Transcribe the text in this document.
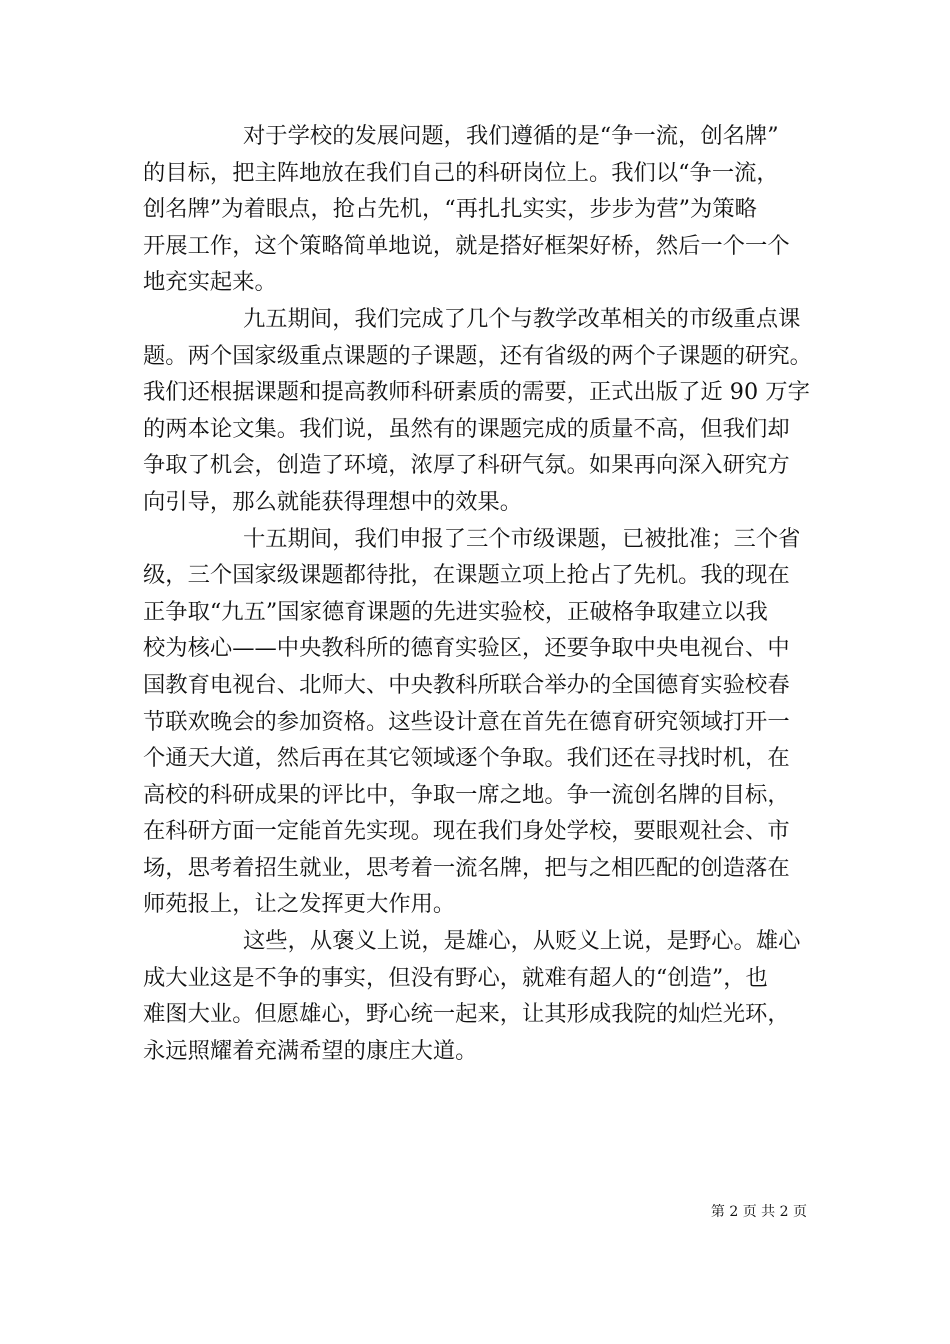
对于学校的发展问题，我们遵循的是“争一流，创名牌”
的目标，把主阵地放在我们自己的科研岗位上。我们以“争一流，
创名牌”为着眼点，抢占先机，“再扎扎实实，步步为营”为策略
开展工作，这个策略简单地说，就是搭好框架好桥，然后一个一个
地充实起来。
九五期间，我们完成了几个与教学改革相关的市级重点课
题。两个国家级重点课题的子课题，还有省级的两个子课题的研究。
我们还根据课题和提高教师科研素质的需要，正式出版了近 90 万字
的两本论文集。我们说，虽然有的课题完成的质量不高，但我们却
争取了机会，创造了环境，浓厚了科研气氛。如果再向深入研究方
向引导，那么就能获得理想中的效果。
十五期间，我们申报了三个市级课题，已被批准；三个省
级，三个国家级课题都待批，在课题立项上抢占了先机。我的现在
正争取“九五”国家德育课题的先进实验校，正破格争取建立以我
校为核心——中央教科所的德育实验区，还要争取中央电视台、中
国教育电视台、北师大、中央教科所联合举办的全国德育实验校春
节联欢晚会的参加资格。这些设计意在首先在德育研究领域打开一
个通天大道，然后再在其它领域逐个争取。我们还在寻找时机，在
高校的科研成果的评比中，争取一席之地。争一流创名牌的目标，
在科研方面一定能首先实现。现在我们身处学校，要眼观社会、市
场，思考着招生就业，思考着一流名牌，把与之相匹配的创造落在
师苑报上，让之发挥更大作用。
这些，从褒义上说，是雄心，从贬义上说，是野心。雄心
成大业这是不争的事实，但没有野心，就难有超人的“创造”，也
难图大业。但愿雄心，野心统一起来，让其形成我院的灿烂光环，
永远照耀着充满希望的康庄大道。
第 2 页 共 2 页
